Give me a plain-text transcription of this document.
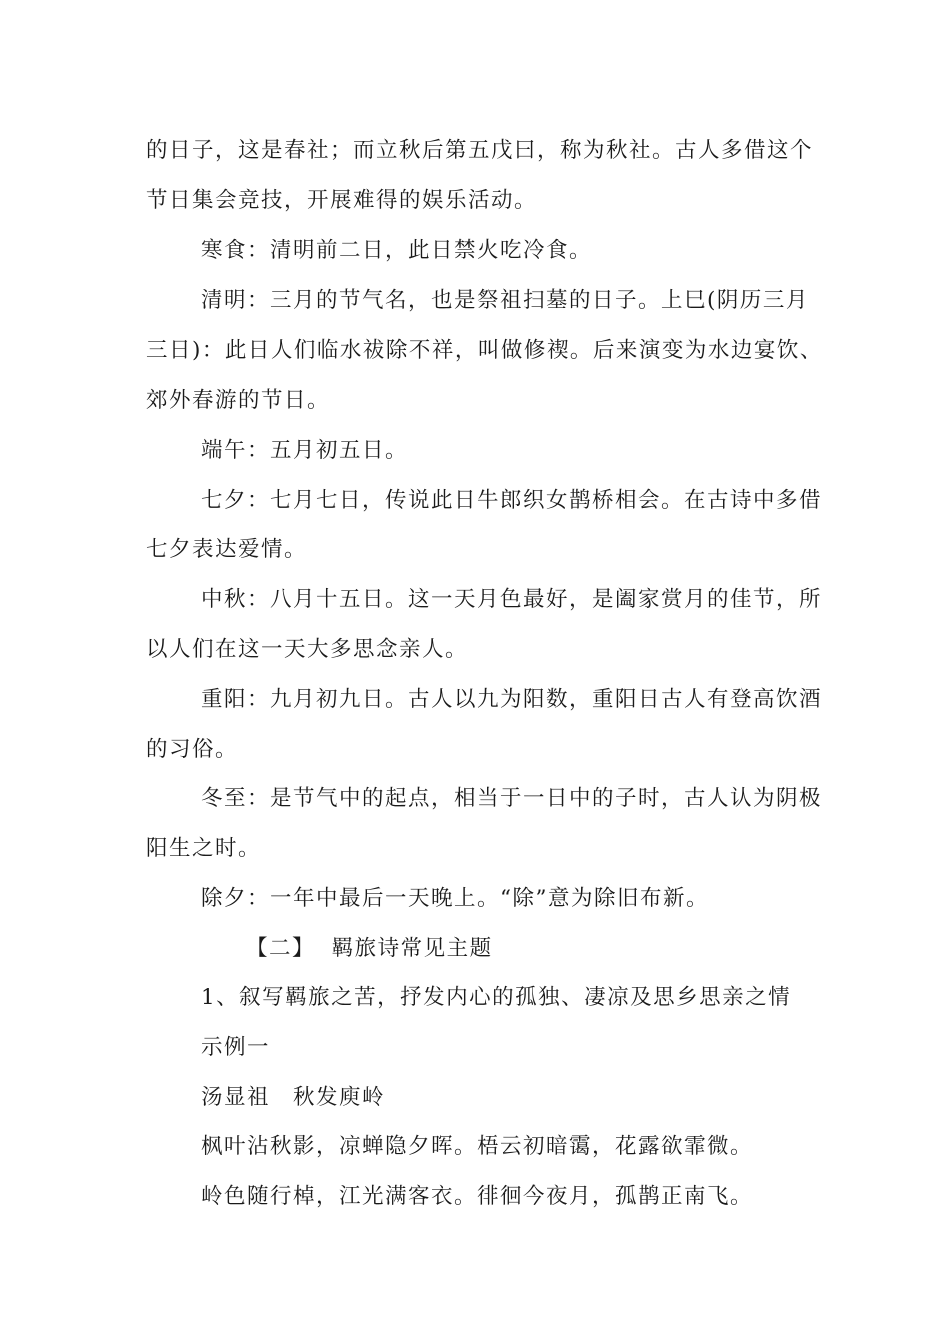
的日子，这是春社；而立秋后第五戊曰，称为秋社。古人多借这个
节日集会竞技，开展难得的娱乐活动。
寒食：清明前二日，此日禁火吃冷食。
清明：三月的节气名，也是祭祖扫墓的日子。上巳(阴历三月
三日)：此日人们临水祓除不祥，叫做修禊。后来演变为水边宴饮、
郊外春游的节日。
端午：五月初五日。
七夕：七月七日，传说此日牛郎织女鹊桥相会。在古诗中多借
七夕表达爱情。
中秋：八月十五日。这一天月色最好，是阖家赏月的佳节，所
以人们在这一天大多思念亲人。
重阳：九月初九日。古人以九为阳数，重阳日古人有登高饮酒
的习俗。
冬至：是节气中的起点，相当于一日中的子时，古人认为阴极
阳生之时。
除夕：一年中最后一天晚上。“除”意为除旧布新。
【二】  羁旅诗常见主题
1、叙写羁旅之苦，抒发内心的孤独、凄凉及思乡思亲之情
示例一
汤显祖　秋发庾岭
枫叶沾秋影，凉蝉隐夕晖。梧云初暗霭，花露欲霏微。
岭色随行棹，江光满客衣。徘徊今夜月，孤鹊正南飞。
